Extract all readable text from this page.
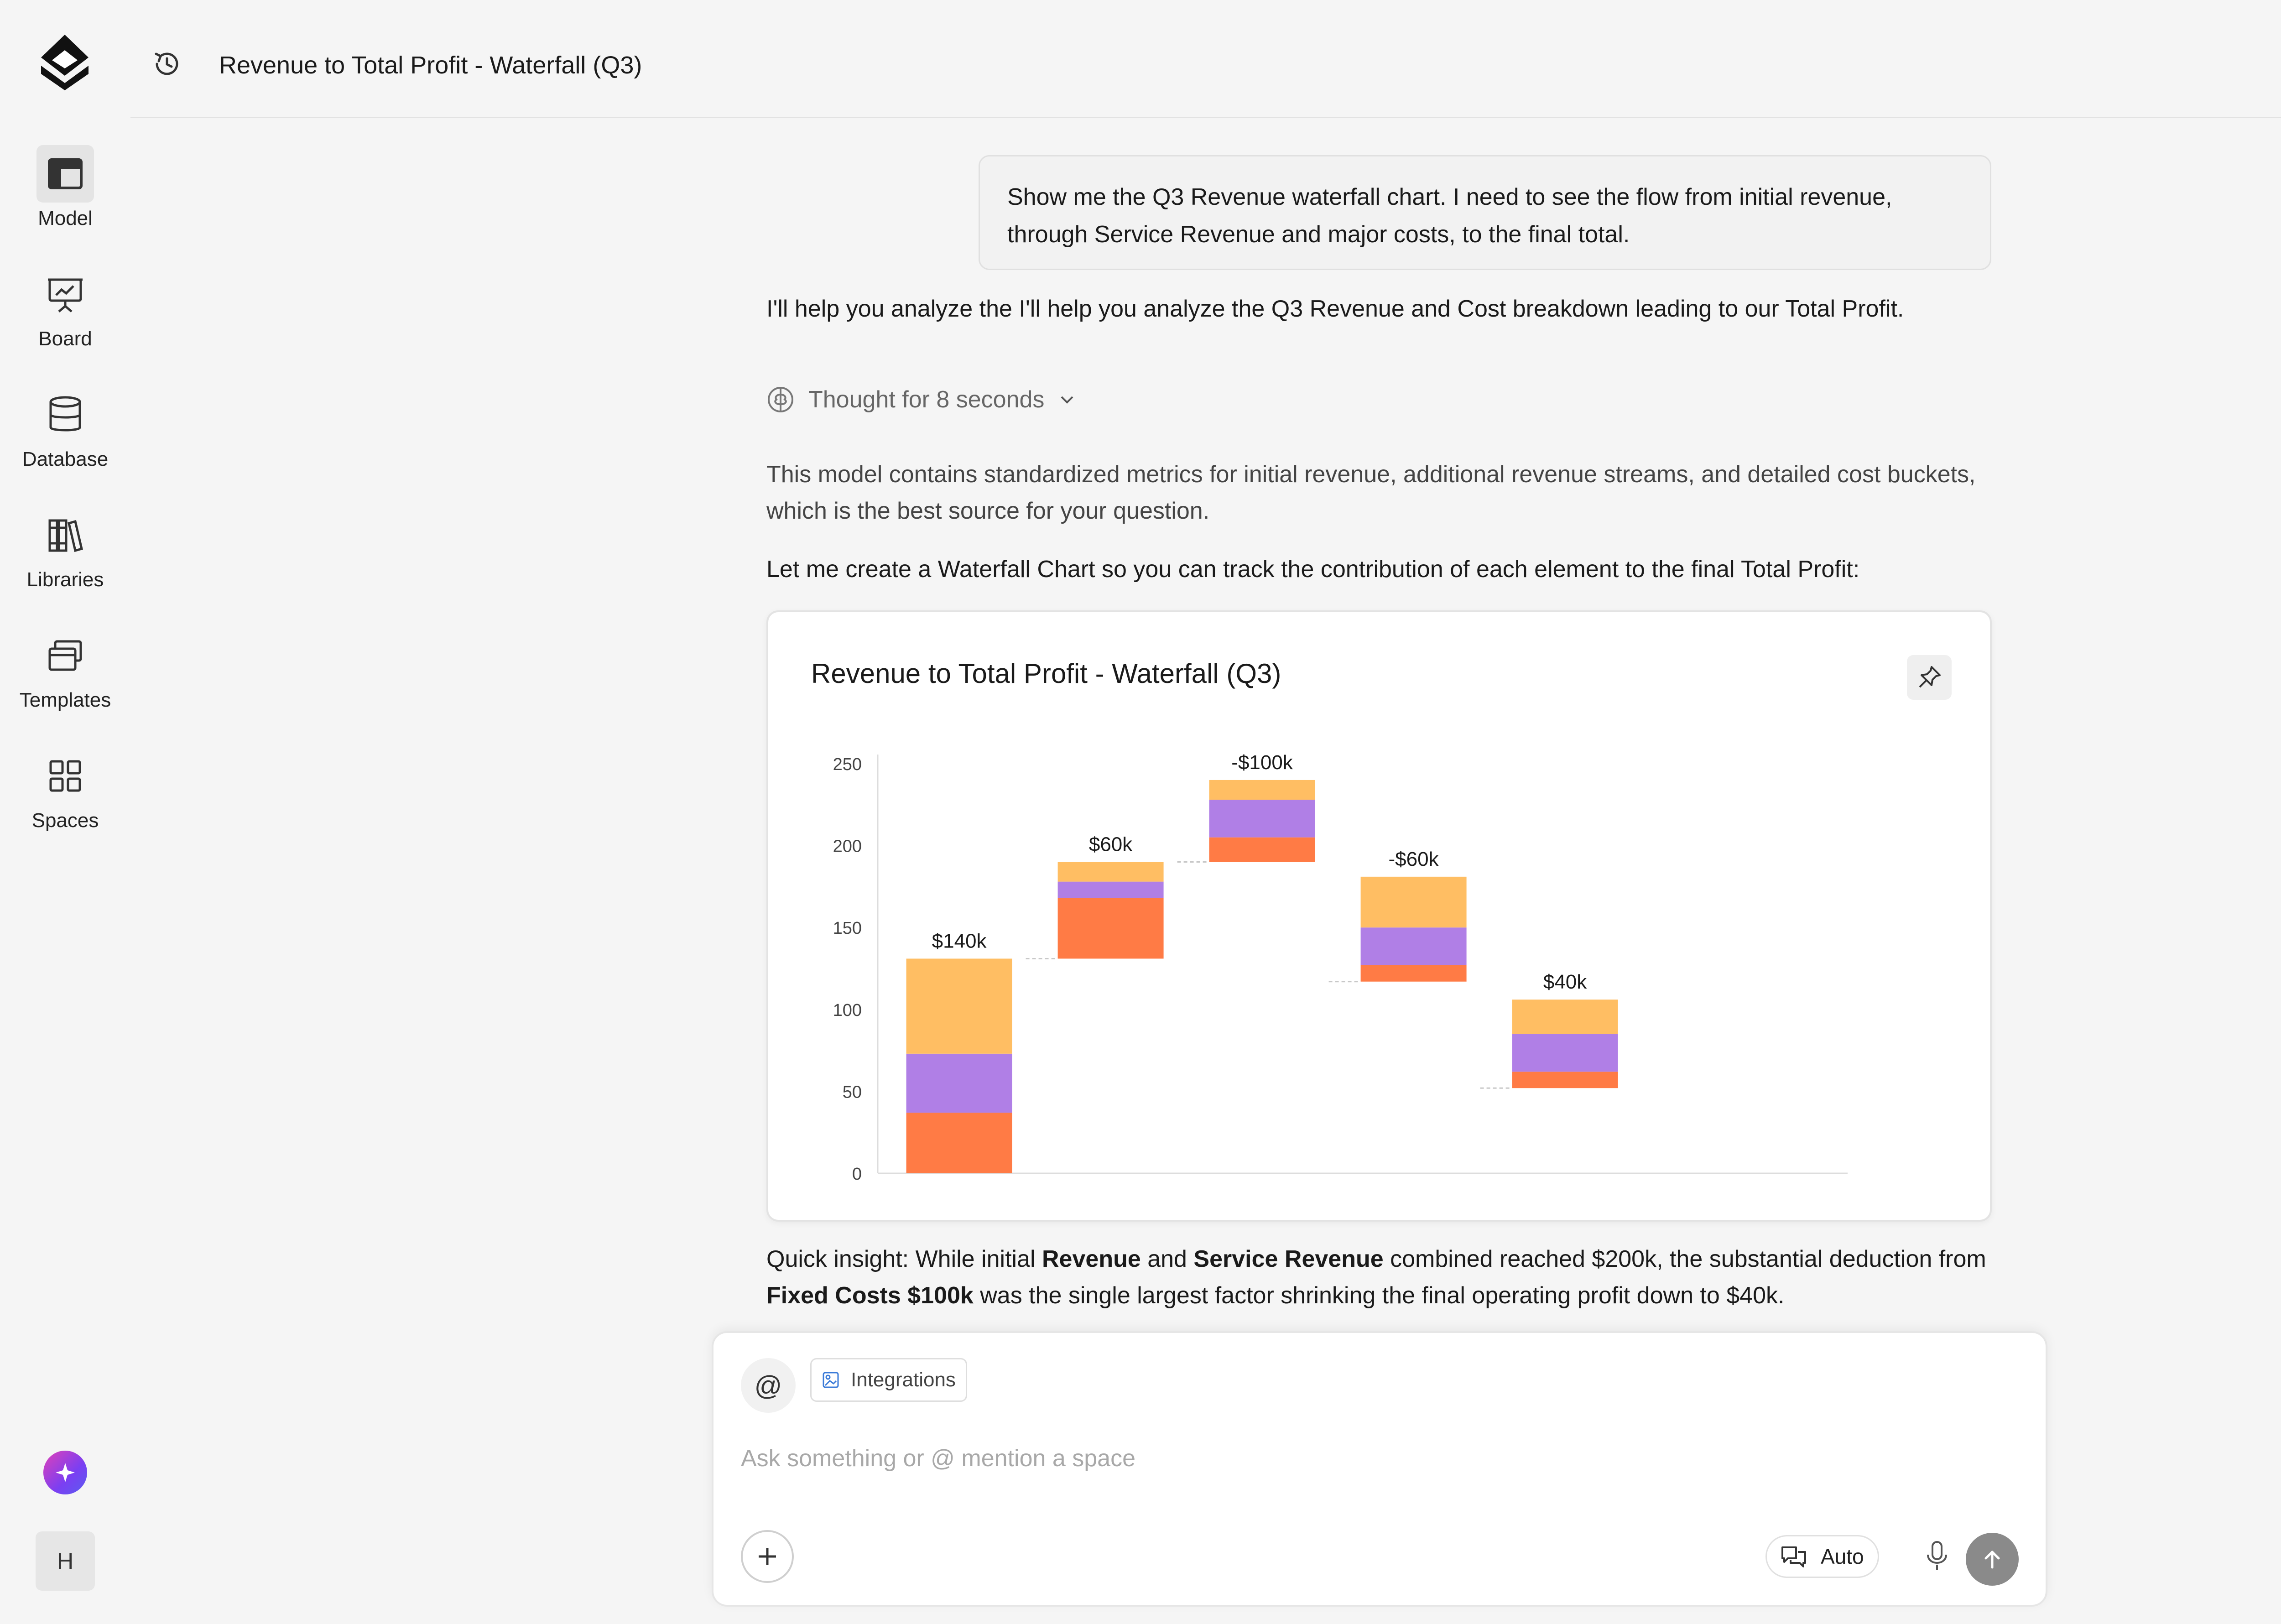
Model
Board
Database
Libraries
Templates
Spaces
H
Revenue to Total Profit - Waterfall (Q3)
Show me the Q3 Revenue waterfall chart. I need to see the flow from initial revenue, through Service Revenue and major costs, to the final total.
I'll help you analyze the I'll help you analyze the Q3 Revenue and Cost breakdown leading to our Total Profit.
Thought for 8 seconds
This model contains standardized metrics for initial revenue, additional revenue streams, and detailed cost buckets, which is the best source for your question.
Let me create a Waterfall Chart so you can track the contribution of each element to the final Total Profit:
Revenue to Total Profit - Waterfall (Q3)
0
50
100
150
200
250
$140k
$60k
-$100k
-$60k
$40k
Quick insight: While initial Revenue and Service Revenue combined reached $200k, the substantial deduction from Fixed Costs $100k was the single largest factor shrinking the final operating profit down to $40k.
@	Integrations
Ask something or @ mention a space
Auto
